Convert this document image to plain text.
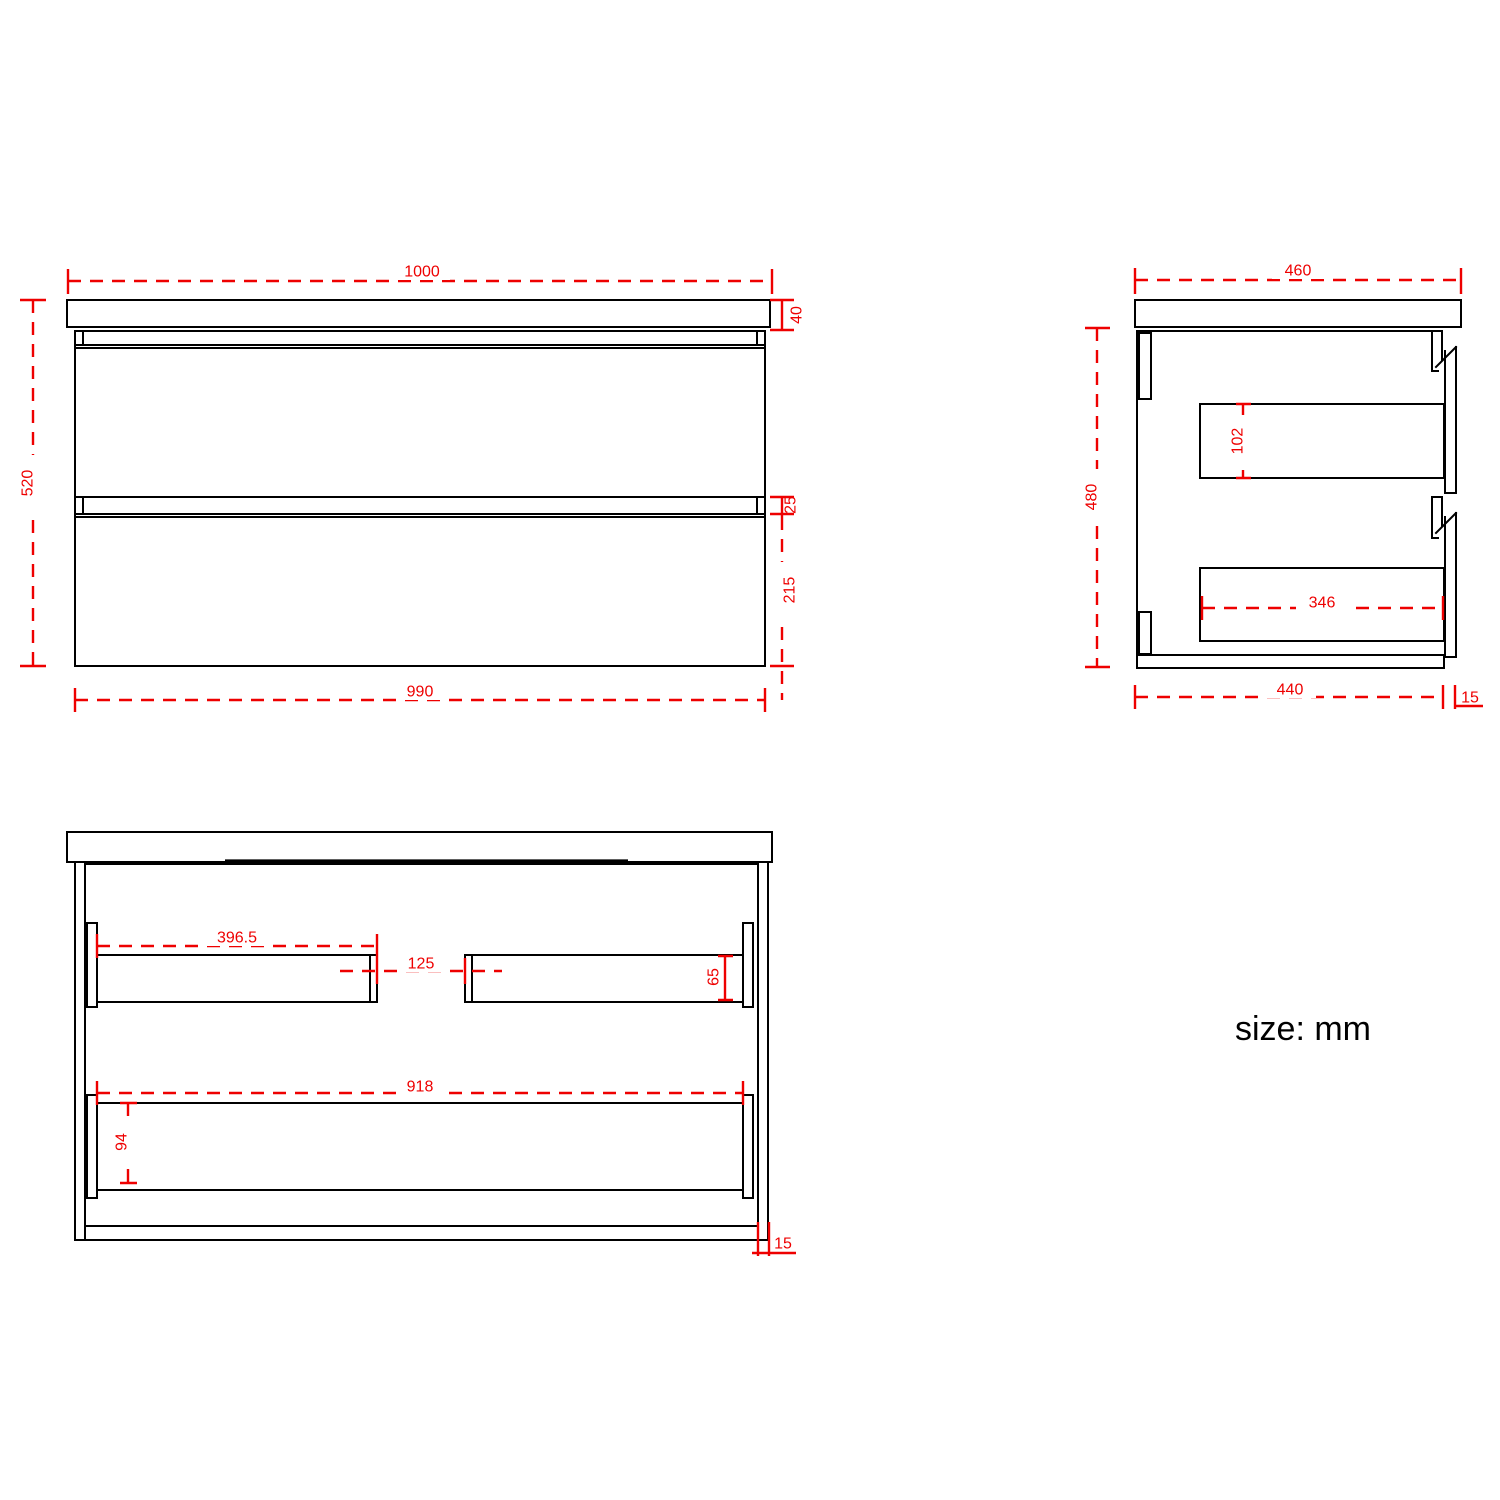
1000
40
520
25
215
990
460
480
102
346
440	15
396.5
125
65
918
94
15
size: mm
